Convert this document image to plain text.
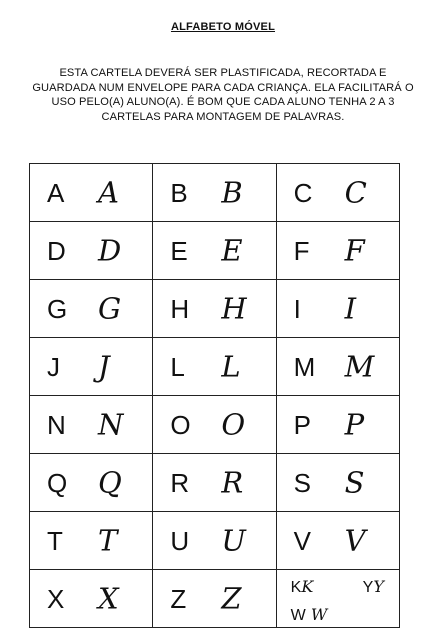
ALFABETO MÓVEL
ESTA CARTELA DEVERÁ SER PLASTIFICADA, RECORTADA E
GUARDADA NUM ENVELOPE PARA CADA CRIANÇA. ELA FACILITARÁ O
USO PELO(A) ALUNO(A). É BOM QUE CADA ALUNO TENHA 2 A 3
CARTELAS PARA MONTAGEM DE PALAVRAS.
A A	B B	C C

D D	E E	F F

G G	H H	I I

J J	L L	M M

N N	O O	P P

Q Q	R R	S S

T T	U U	V V

X X	Z Z	KK YY
W W
